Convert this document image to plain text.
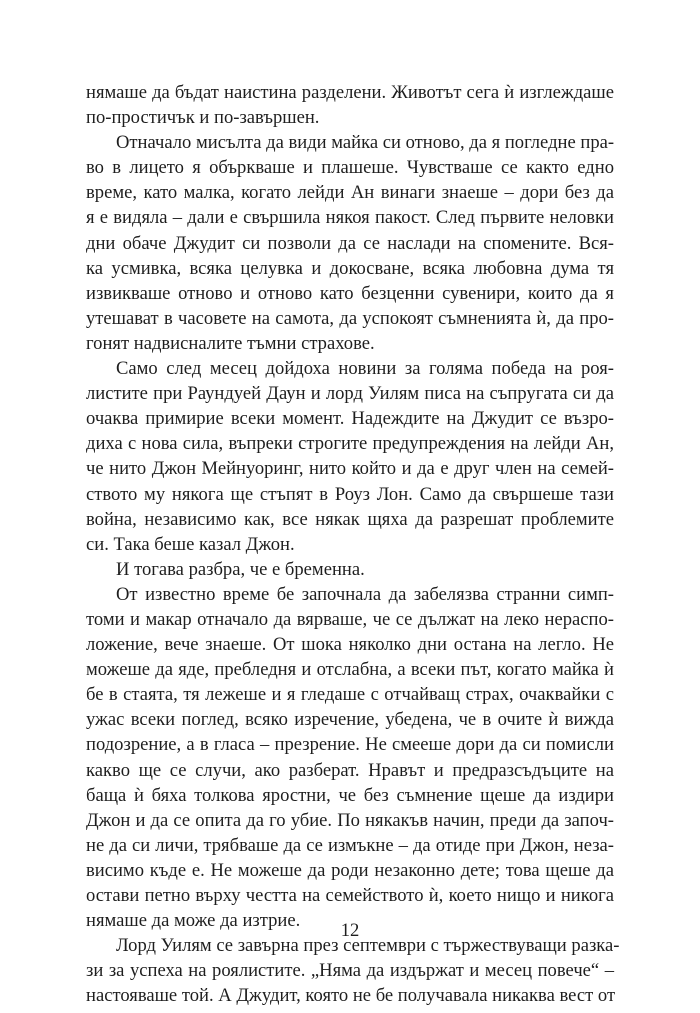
нямаше да бъдат наистина разделени. Животът сега ѝ изглеждаше
по-простичък и по-завършен.
Отначало мисълта да види майка си отново, да я погледне пра-
во в лицето я объркваше и плашеше. Чувстваше се както едно
време, като малка, когато лейди Ан винаги знаеше – дори без да
я е видяла – дали е свършила някоя пакост. След първите неловки
дни обаче Джудит си позволи да се наслади на спомените. Вся-
ка усмивка, всяка целувка и докосване, всяка любовна дума тя
извикваше отново и отново като безценни сувенири, които да я
утешават в часовете на самота, да успокоят съмненията ѝ, да про-
гонят надвисналите тъмни страхове.
Само след месец дойдоха новини за голяма победа на роя-
листите при Раундуей Даун и лорд Уилям писа на съпругата си да
очаква примирие всеки момент. Надеждите на Джудит се възро-
диха с нова сила, въпреки строгите предупреждения на лейди Ан,
че нито Джон Мейнуоринг, нито който и да е друг член на семей-
ството му някога ще стъпят в Роуз Лон. Само да свършеше тази
война, независимо как, все някак щяха да разрешат проблемите
си. Така беше казал Джон.
И тогава разбра, че е бременна.
От известно време бе започнала да забелязва странни симп-
томи и макар отначало да вярваше, че се дължат на леко нераспо-
ложение, вече знаеше. От шока няколко дни остана на легло. Не
можеше да яде, пребледня и отслабна, а всеки път, когато майка ѝ
бе в стаята, тя лежеше и я гледаше с отчайващ страх, очаквайки с
ужас всеки поглед, всяко изречение, убедена, че в очите ѝ вижда
подозрение, а в гласа – презрение. Не смееше дори да си помисли
какво ще се случи, ако разберат. Нравът и предразсъдъците на
баща ѝ бяха толкова яростни, че без съмнение щеше да издири
Джон и да се опита да го убие. По някакъв начин, преди да започ-
не да си личи, трябваше да се измъкне – да отиде при Джон, неза-
висимо къде е. Не можеше да роди незаконно дете; това щеше да
остави петно върху честта на семейството ѝ, което нищо и никога
нямаше да може да изтрие.
Лорд Уилям се завърна през септември с тържествуващи разка-
зи за успеха на роялистите. „Няма да издържат и месец повече“ –
настояваше той. А Джудит, която не бе получавала никаква вест от
12
